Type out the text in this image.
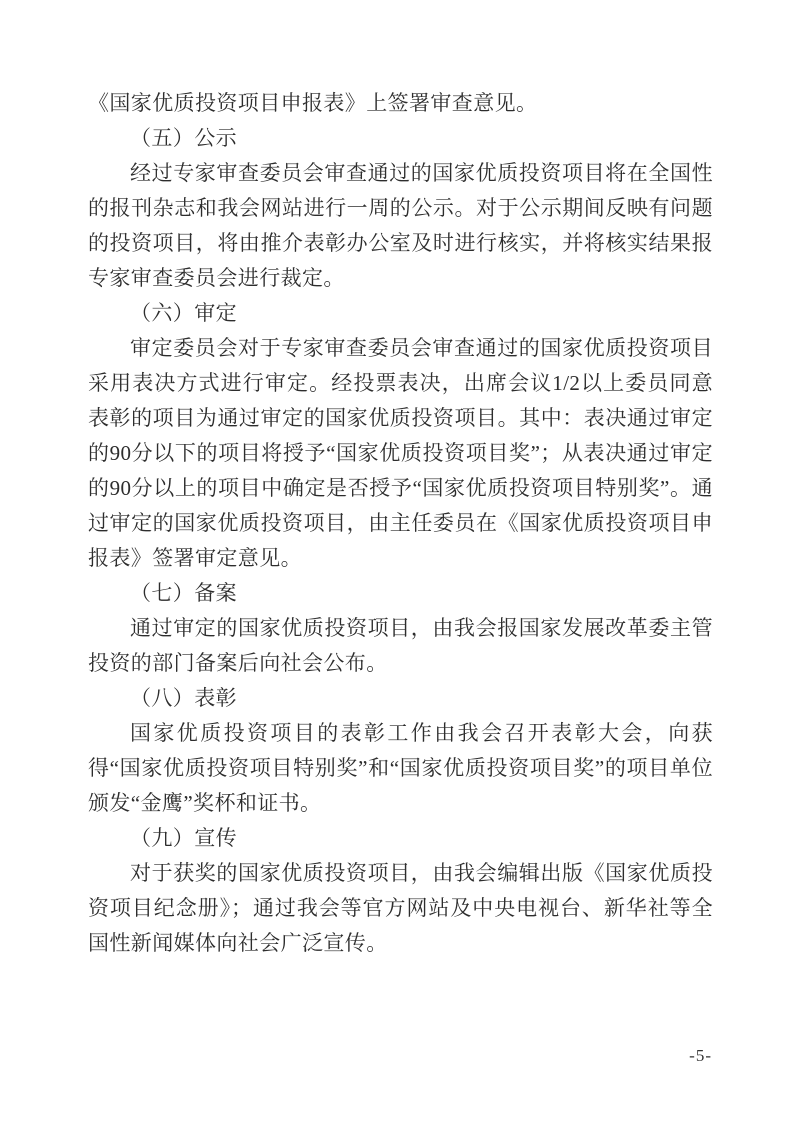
《国家优质投资项目申报表》上签署审查意见。

（五）公示

经过专家审查委员会审查通过的国家优质投资项目将在全国性的报刊杂志和我会网站进行一周的公示。对于公示期间反映有问题的投资项目，将由推介表彰办公室及时进行核实，并将核实结果报专家审查委员会进行裁定。

（六）审定

审定委员会对于专家审查委员会审查通过的国家优质投资项目采用表决方式进行审定。经投票表决，出席会议1/2以上委员同意表彰的项目为通过审定的国家优质投资项目。其中：表决通过审定的90分以下的项目将授予“国家优质投资项目奖”；从表决通过审定的90分以上的项目中确定是否授予“国家优质投资项目特别奖”。通过审定的国家优质投资项目，由主任委员在《国家优质投资项目申报表》签署审定意见。

（七）备案

通过审定的国家优质投资项目，由我会报国家发展改革委主管投资的部门备案后向社会公布。

（八）表彰

国家优质投资项目的表彰工作由我会召开表彰大会，向获得“国家优质投资项目特别奖”和“国家优质投资项目奖”的项目单位颁发“金鹰”奖杯和证书。

（九）宣传

对于获奖的国家优质投资项目，由我会编辑出版《国家优质投资项目纪念册》；通过我会等官方网站及中央电视台、新华社等全国性新闻媒体向社会广泛宣传。

-5-
